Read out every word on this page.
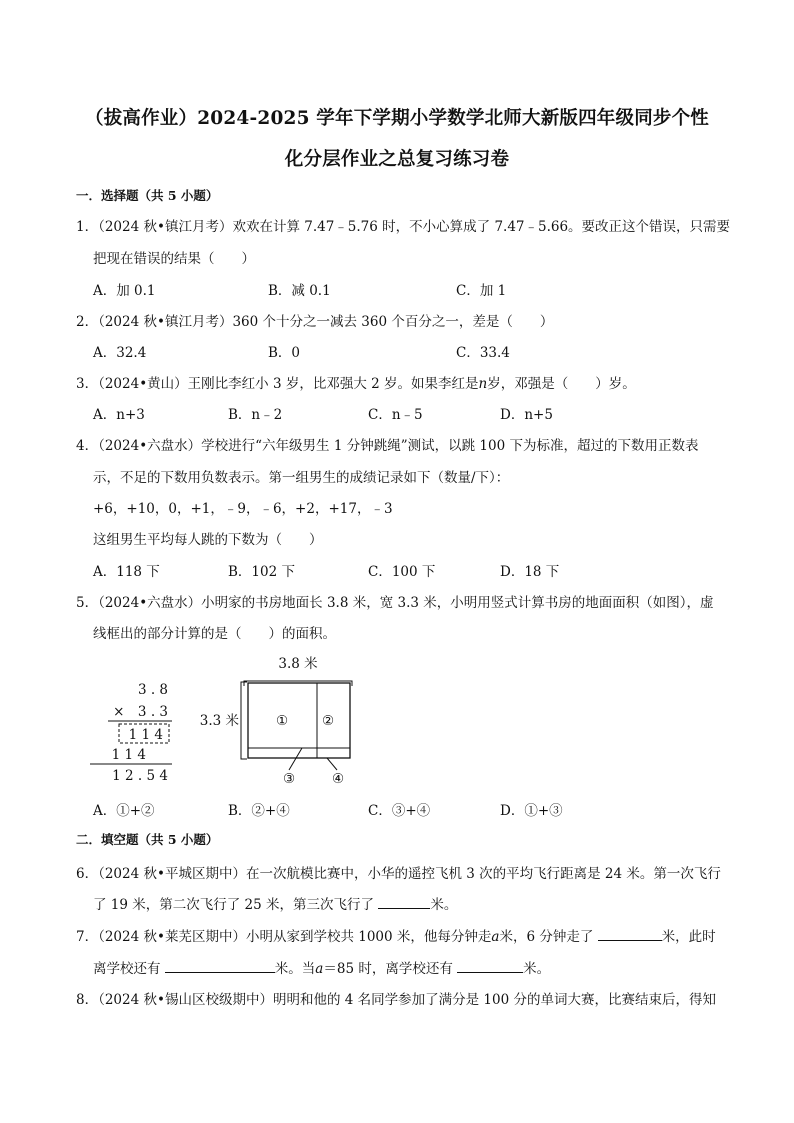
（拔高作业）2024-2025 学年下学期小学数学北师大新版四年级同步个性
化分层作业之总复习练习卷
一．选择题（共 5 小题）
1．（2024 秋•镇江月考）欢欢在计算 7.47﹣5.76 时，不小心算成了 7.47﹣5.66。要改正这个错误，只需要
把现在错误的结果（　　）
A．加 0.1	B．减 0.1	C．加 1
2．（2024 秋•镇江月考）360 个十分之一减去 360 个百分之一，差是（　　）
A．32.4	B．0	C．33.4
3．（2024•黄山）王刚比李红小 3 岁，比邓强大 2 岁。如果李红是n岁，邓强是（　　）岁。
A．n+3	B．n﹣2	C．n﹣5	D．n+5
4．（2024•六盘水）学校进行“六年级男生 1 分钟跳绳”测试，以跳 100 下为标准，超过的下数用正数表
示，不足的下数用负数表示。第一组男生的成绩记录如下（数量/下）：
+6，+10，0，+1，﹣9，﹣6，+2，+17，﹣3
这组男生平均每人跳的下数为（　　）
A．118 下	B．102 下	C．100 下	D．18 下
5．（2024•六盘水）小明家的书房地面长 3.8 米，宽 3.3 米，小明用竖式计算书房的地面面积（如图），虚
线框出的部分计算的是（　　）的面积。
3 . 8
×　3 . 3
1 1 4
1 1 4
1 2 . 5 4
3.8 米
3.3 米	①	②
③	④
A．①+②	B．②+④	C．③+④	D．①+③
二．填空题（共 5 小题）
6．（2024 秋•平城区期中）在一次航模比赛中，小华的遥控飞机 3 次的平均飞行距离是 24 米。第一次飞行
了 19 米，第二次飞行了 25 米，第三次飞行了	米。
7．（2024 秋•莱芜区期中）小明从家到学校共 1000 米，他每分钟走a米，6 分钟走了	米，此时
离学校还有	米。当a＝85 时，离学校还有	米。
8．（2024 秋•锡山区校级期中）明明和他的 4 名同学参加了满分是 100 分的单词大赛，比赛结束后，得知
